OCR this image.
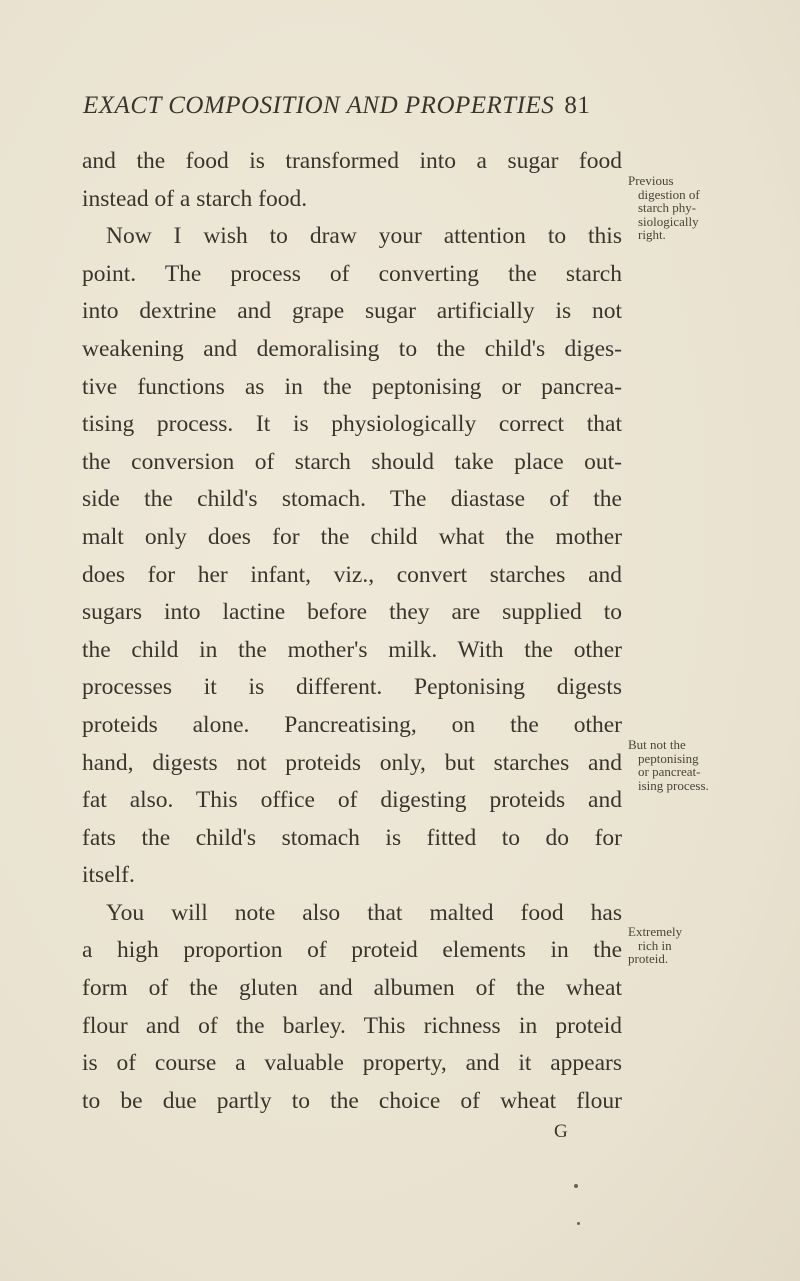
EXACT COMPOSITION AND PROPERTIES 81
and the food is transformed into a sugar food
instead of a starch food.
Now I wish to draw your attention to this
point. The process of converting the starch
into dextrine and grape sugar artificially is not
weakening and demoralising to the child's diges-
tive functions as in the peptonising or pancrea-
tising process. It is physiologically correct that
the conversion of starch should take place out-
side the child's stomach. The diastase of the
malt only does for the child what the mother
does for her infant, viz., convert starches and
sugars into lactine before they are supplied to
the child in the mother's milk. With the other
processes it is different. Peptonising digests
proteids alone. Pancreatising, on the other
hand, digests not proteids only, but starches and
fat also. This office of digesting proteids and
fats the child's stomach is fitted to do for
itself.
You will note also that malted food has
a high proportion of proteid elements in the
form of the gluten and albumen of the wheat
flour and of the barley. This richness in proteid
is of course a valuable property, and it appears
to be due partly to the choice of wheat flour
Previous
digestion of
starch phy-
siologically
right.
But not the
peptonising
or pancreat-
ising process.
Extremely
rich in
proteid.
G
